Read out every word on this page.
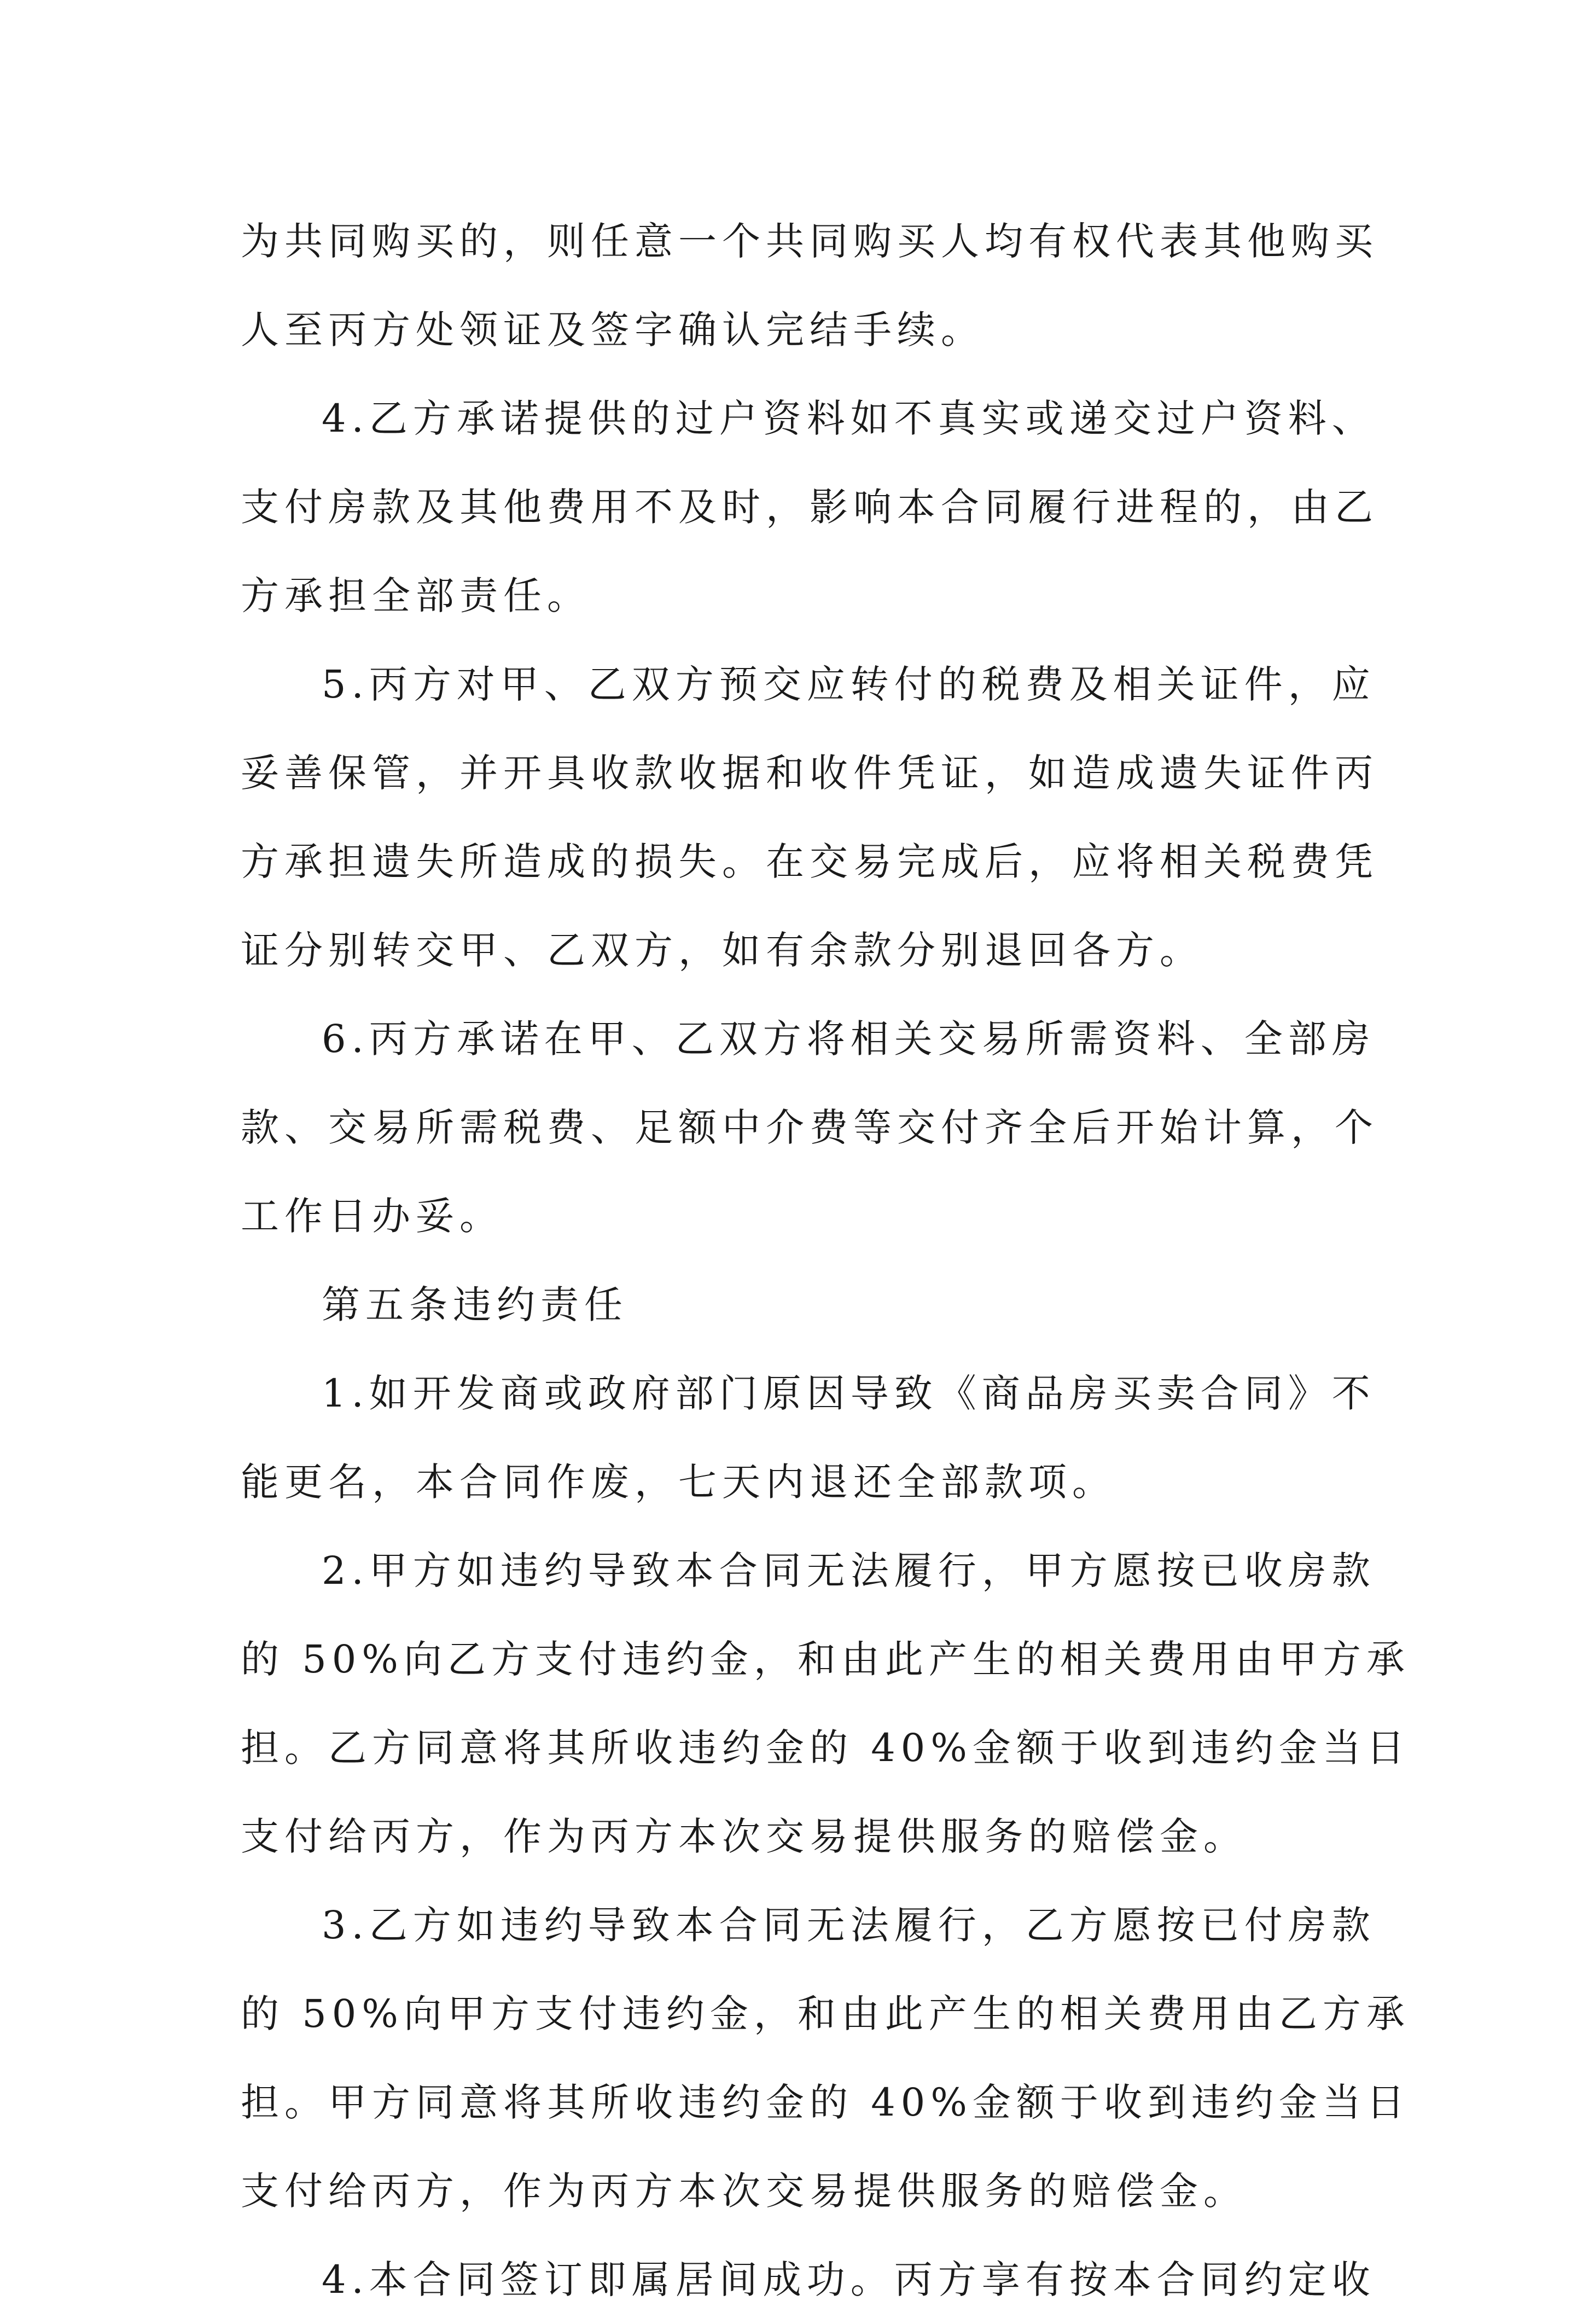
为共同购买的，则任意一个共同购买人均有权代表其他购买
人至丙方处领证及签字确认完结手续。
4.乙方承诺提供的过户资料如不真实或递交过户资料、
支付房款及其他费用不及时，影响本合同履行进程的，由乙
方承担全部责任。
5.丙方对甲、乙双方预交应转付的税费及相关证件，应
妥善保管，并开具收款收据和收件凭证，如造成遗失证件丙
方承担遗失所造成的损失。在交易完成后，应将相关税费凭
证分别转交甲、乙双方，如有余款分别退回各方。
6.丙方承诺在甲、乙双方将相关交易所需资料、全部房
款、交易所需税费、足额中介费等交付齐全后开始计算，个
工作日办妥。
第五条违约责任
1.如开发商或政府部门原因导致《商品房买卖合同》不
能更名，本合同作废，七天内退还全部款项。
2.甲方如违约导致本合同无法履行，甲方愿按已收房款
的 50%向乙方支付违约金，和由此产生的相关费用由甲方承
担。乙方同意将其所收违约金的 40%金额于收到违约金当日
支付给丙方，作为丙方本次交易提供服务的赔偿金。
3.乙方如违约导致本合同无法履行，乙方愿按已付房款
的 50%向甲方支付违约金，和由此产生的相关费用由乙方承
担。甲方同意将其所收违约金的 40%金额于收到违约金当日
支付给丙方，作为丙方本次交易提供服务的赔偿金。
4.本合同签订即属居间成功。丙方享有按本合同约定收
